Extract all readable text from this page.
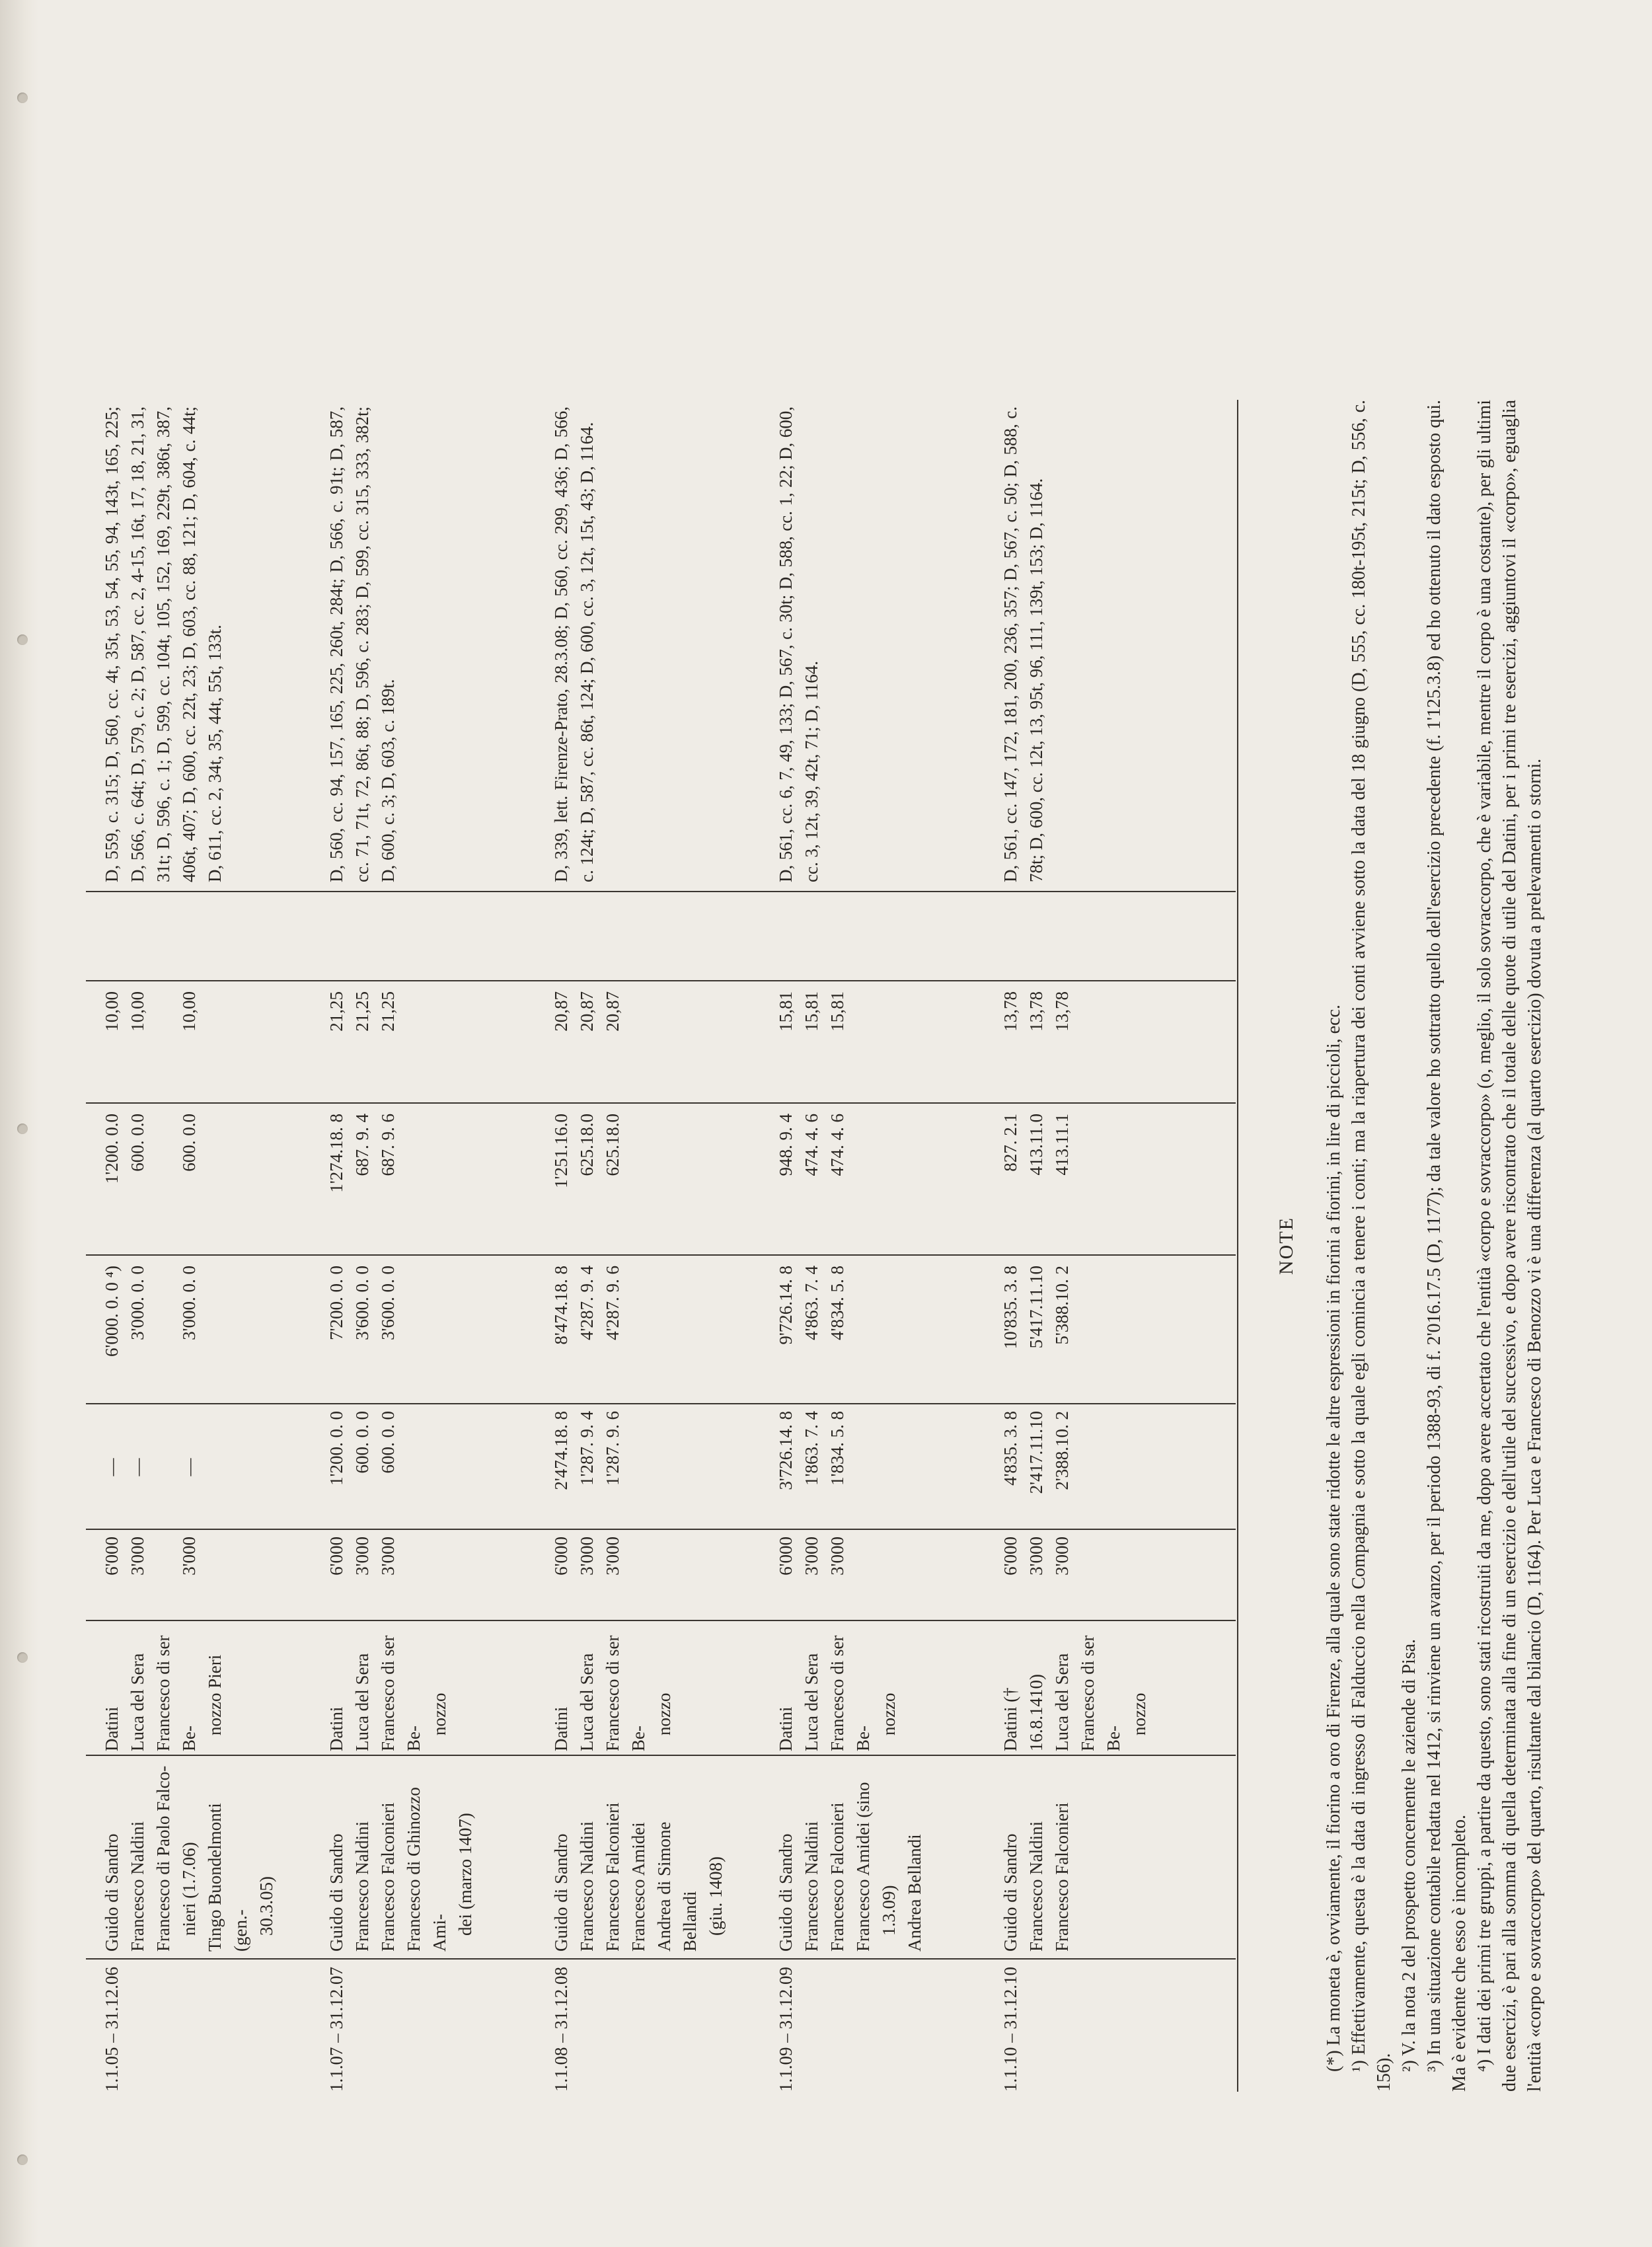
1.1.05 – 31.12.06
Guido di Sandro Francesco Naldini Francesco di Paolo Falco- nieri (1.7.06) Tingo Buondelmonti (gen.- 30.3.05)
Datini Luca del Sera Francesco di ser Be-
nozzo Pieri
6'000 3'000 3'000
— — —
6'000. 0. 0 ⁴) 3'000. 0. 0 3'000. 0. 0
1'200. 0.0 600. 0.0 600. 0.0
10,00 10,00 10,00
D, 559, c. 315; D, 560, cc. 4t, 35t, 53, 54, 55, 94, 143t, 165, 225; D, 566, c. 64t; D, 579, c. 2; D, 587, cc. 2, 4-15, 16t, 17, 18, 21, 31, 31t; D, 596, c. 1; D, 599, cc. 104t, 105, 152, 169, 229t, 386t, 387, 406t, 407; D, 600, cc. 22t, 23; D, 603, cc. 88, 121; D, 604, c. 44t; D, 611, cc. 2, 34t, 35, 44t, 55t, 133t.
1.1.07 – 31.12.07
Guido di Sandro Francesco Naldini Francesco Falconieri Francesco di Ghinozzo Ami- dei (marzo 1407)
Datini Luca del Sera Francesco di ser Be-
nozzo
6'000 3'000 3'000
1'200. 0. 0 600. 0. 0 600. 0. 0
7'200. 0. 0 3'600. 0. 0 3'600. 0. 0
1'274.18. 8 687. 9. 4 687. 9. 6
21,25 21,25 21,25
D, 560, cc. 94, 157, 165, 225, 260t, 284t; D, 566, c. 91t; D, 587, cc. 71, 71t, 72, 86t, 88; D, 596, c. 283; D, 599, cc. 315, 333, 382t; D, 600, c. 3; D, 603, c. 189t.
1.1.08 – 31.12.08
Guido di Sandro Francesco Naldini Francesco Falconieri Francesco Amidei Andrea di Simone Bellandi (giu. 1408)
Datini Luca del Sera Francesco di ser Be-
nozzo
6'000 3'000 3'000
2'474.18. 8 1'287. 9. 4 1'287. 9. 6
8'474.18. 8 4'287. 9. 4 4'287. 9. 6
1'251.16.0 625.18.0 625.18.0
20,87 20,87 20,87
D, 339, lett. Firenze-Prato, 28.3.08; D, 560, cc. 299, 436; D, 566, c. 124t; D, 587, cc. 86t, 124; D, 600, cc. 3, 12t, 15t, 43; D, 1164.
1.1.09 – 31.12.09
Guido di Sandro Francesco Naldini Francesco Falconieri Francesco Amidei (sino 1.3.09) Andrea Bellandi
Datini Luca del Sera Francesco di ser Be-
nozzo
6'000 3'000 3'000
3'726.14. 8 1'863. 7. 4 1'834. 5. 8
9'726.14. 8 4'863. 7. 4 4'834. 5. 8
948. 9. 4 474. 4. 6 474. 4. 6
15,81 15,81 15,81
D, 561, cc. 6, 7, 49, 133; D, 567, c. 30t; D, 588, cc. 1, 22; D, 600, cc. 3, 12t, 39, 42t, 71; D, 1164.
1.1.10 – 31.12.10
Guido di Sandro Francesco Naldini Francesco Falconieri
Datini († 16.8.1410) Luca del Sera Francesco di ser Be-
nozzo
6'000 3'000 3'000
4'835. 3. 8 2'417.11.10 2'388.10. 2
10'835. 3. 8 5'417.11.10 5'388.10. 2
827. 2.1 413.11.0 413.11.1
13,78 13,78 13,78
D, 561, cc. 147, 172, 181, 200, 236, 357; D, 567, c. 50; D, 588, c. 78t; D, 600, cc. 12t, 13, 95t, 96, 111, 139t, 153; D, 1164.
NOTE (*) La moneta è, ovviamente, il fiorino a oro di Firenze, alla quale sono state ridotte le altre espressioni in fiorini a fiorini, in lire di piccioli, ecc. ¹) Effettivamente, questa è la data di ingresso di Falduccio nella Compagnia e sotto la quale egli comincia a tenere i conti; ma la riapertura dei conti avviene sotto la data del 18 giugno (D, 555, cc. 180t-195t, 215t; D, 556, c. 156).

²) V. la nota 2 del prospetto concernente le aziende di Pisa. ³) In una situazione contabile redatta nel 1412, si rinviene un avanzo, per il periodo 1388-93, di f. 2'016.17.5 (D, 1177); da tale valore ho sottratto quello dell'esercizio precedente (f. 1'125.3.8) ed ho ottenuto il dato esposto qui. Ma è evidente che esso è incompleto. ⁴) I dati dei primi tre gruppi, a partire da questo, sono stati ricostruiti da me, dopo avere accertato che l'entità «corpo e sovraccorpo» (o, meglio, il solo sovraccorpo, che è variabile, mentre il corpo è una costante), per gli ultimi due esercizi, è pari alla somma di quella determinata alla fine di un esercizio e dell'utile del successivo, e dopo avere riscontrato che il totale delle quote di utile del Datini, per i primi tre esercizi, aggiuntovi il «corpo», eguaglia l'entità «corpo e sovraccorpo» del quarto, risultante dal bilancio (D, 1164). Per Luca e Francesco di Benozzo vi è una differenza (al quarto esercizio) dovuta a prelevamenti o storni.
